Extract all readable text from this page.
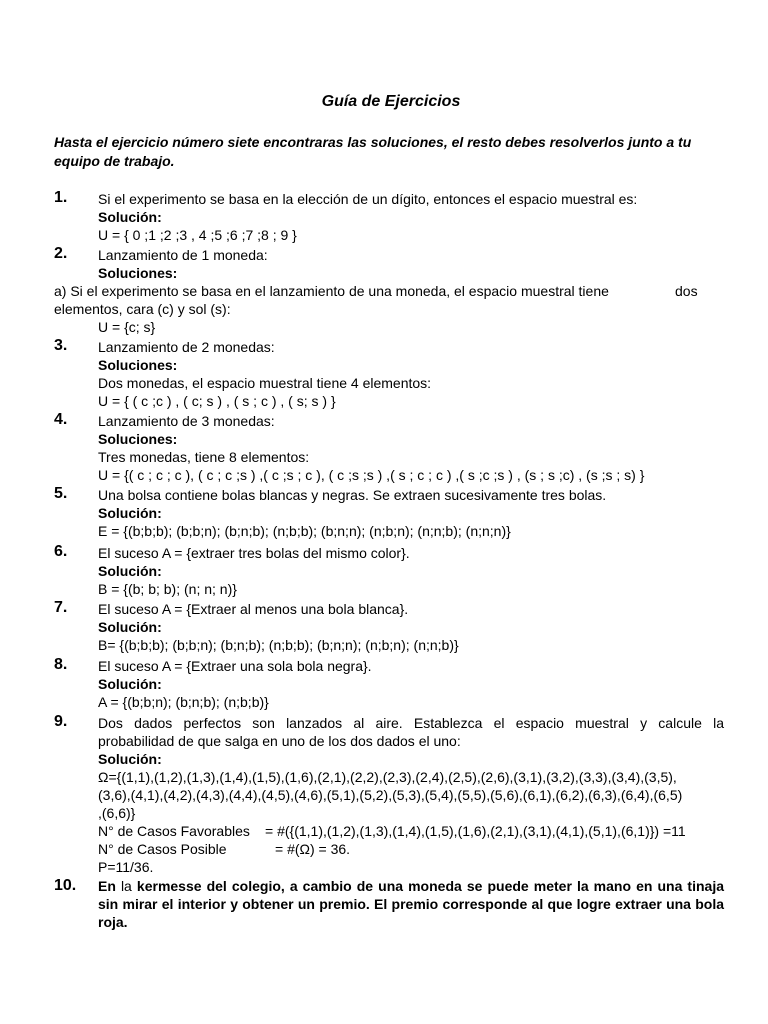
Guía de Ejercicios
Hasta el ejercicio número siete encontraras las soluciones, el resto debes resolverlos junto a tu equipo de trabajo.
1. Si el experimento se basa en la elección de un dígito, entonces el espacio muestral es:
Solución:
U = { 0 ;1 ;2 ;3 , 4 ;5 ;6 ;7 ;8 ; 9 }
2. Lanzamiento de 1 moneda:
Soluciones:
a) Si el experimento se basa en el lanzamiento de una moneda, el espacio muestral tiene	dos
elementos, cara (c) y sol (s):
U = {c; s}
3. Lanzamiento de 2 monedas:
Soluciones:
Dos monedas, el espacio muestral tiene 4 elementos:
U = { ( c ;c ) , ( c; s ) , ( s ; c ) , ( s; s ) }
4. Lanzamiento de 3 monedas:
Soluciones:
Tres monedas, tiene 8 elementos:
U = {( c ; c ; c ), ( c ; c ;s ) ,( c ;s ; c ), ( c ;s ;s ) ,( s ; c ; c ) ,( s ;c ;s ) , (s ; s ;c) , (s ;s ; s) }
5. Una bolsa contiene bolas blancas y negras. Se extraen sucesivamente tres bolas.
Solución:
E = {(b;b;b); (b;b;n); (b;n;b); (n;b;b); (b;n;n); (n;b;n); (n;n;b); (n;n;n)}
6. El suceso A = {extraer tres bolas del mismo color}.
Solución:
B = {(b; b; b); (n; n; n)}
7. El suceso A = {Extraer al menos una bola blanca}.
Solución:
B= {(b;b;b); (b;b;n); (b;n;b); (n;b;b); (b;n;n); (n;b;n); (n;n;b)}
8. El suceso A = {Extraer una sola bola negra}.
Solución:
A = {(b;b;n); (b;n;b); (n;b;b)}
9. Dos dados perfectos son lanzados al aire. Establezca el espacio muestral y calcule la
probabilidad de que salga en uno de los dos dados el uno:
Solución:
Ω={(1,1),(1,2),(1,3),(1,4),(1,5),(1,6),(2,1),(2,2),(2,3),(2,4),(2,5),(2,6),(3,1),(3,2),(3,3),(3,4),(3,5),
(3,6),(4,1),(4,2),(4,3),(4,4),(4,5),(4,6),(5,1),(5,2),(5,3),(5,4),(5,5),(5,6),(6,1),(6,2),(6,3),(6,4),(6,5)
,(6,6)}
N° de Casos Favorables = #({(1,1),(1,2),(1,3),(1,4),(1,5),(1,6),(2,1),(3,1),(4,1),(5,1),(6,1)}) =11
N° de Casos Posible	= #(Ω) = 36.
P=11/36.
10. En la kermesse del colegio, a cambio de una moneda se puede meter la mano en una tinaja sin mirar el interior y obtener un premio. El premio corresponde al que logre extraer una bola roja.
